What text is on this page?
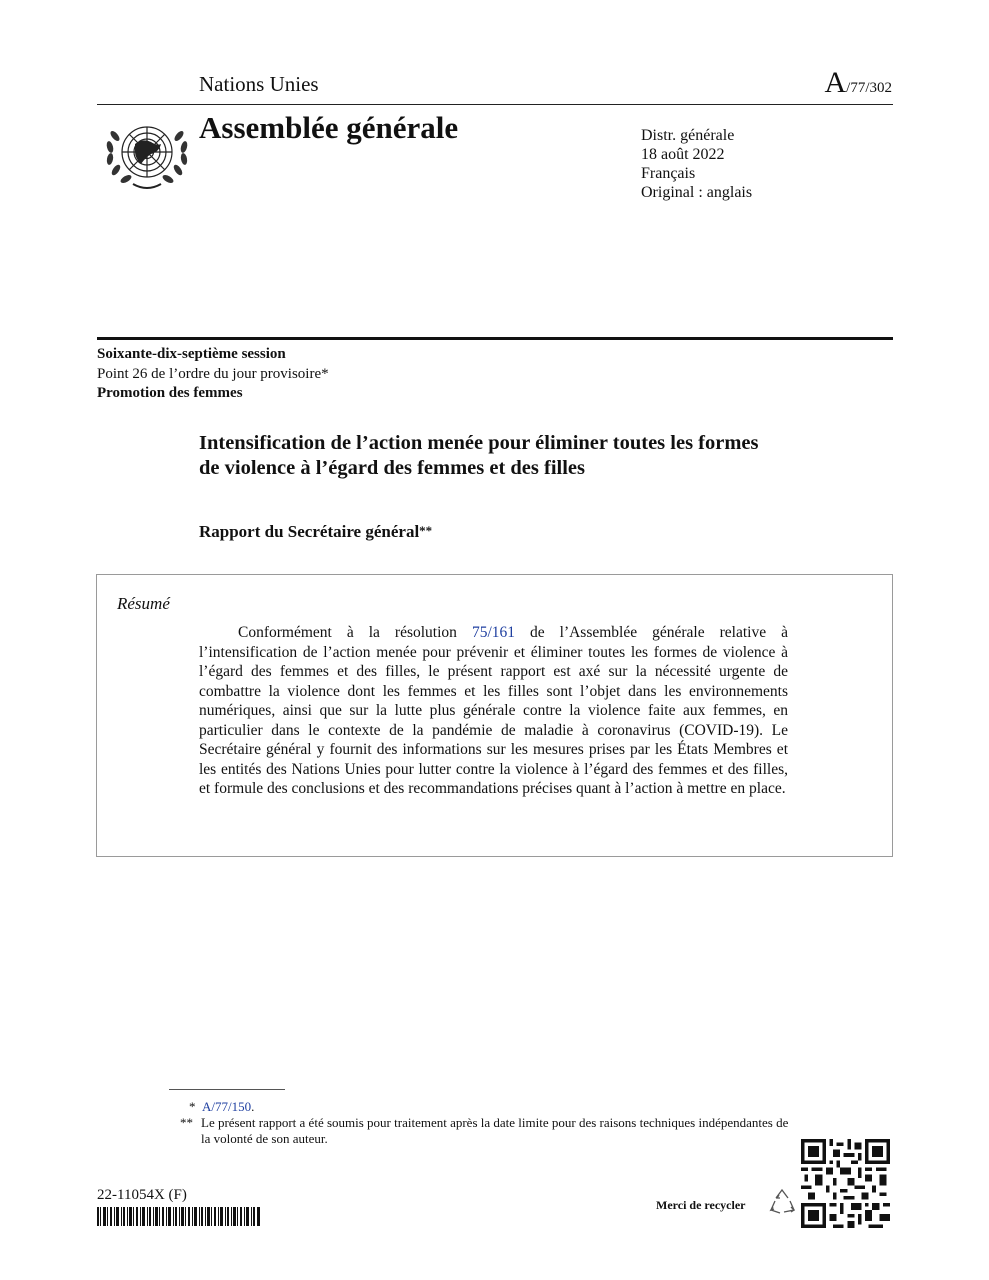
Nations Unies	A/77/302
Assemblée générale	Distr. générale
18 août 2022
Français
Original : anglais
Soixante-dix-septième session
Point 26 de l’ordre du jour provisoire*
Promotion des femmes
Intensification de l’action menée pour éliminer toutes les formes de violence à l’égard des femmes et des filles
Rapport du Secrétaire général**
Résumé
Conformément à la résolution 75/161 de l’Assemblée générale relative à l’intensification de l’action menée pour prévenir et éliminer toutes les formes de violence à l’égard des femmes et des filles, le présent rapport est axé sur la nécessité urgente de combattre la violence dont les femmes et les filles sont l’objet dans les environnements numériques, ainsi que sur la lutte plus générale contre la violence faite aux femmes, en particulier dans le contexte de la pandémie de maladie à coronavirus (COVID-19). Le Secrétaire général y fournit des informations sur les mesures prises par les États Membres et les entités des Nations Unies pour lutter contre la violence à l’égard des femmes et des filles, et formule des conclusions et des recommandations précises quant à l’action à mettre en place.
* A/77/150.
** Le présent rapport a été soumis pour traitement après la date limite pour des raisons techniques indépendantes de la volonté de son auteur.
22-11054X (F)
Merci de recycler
